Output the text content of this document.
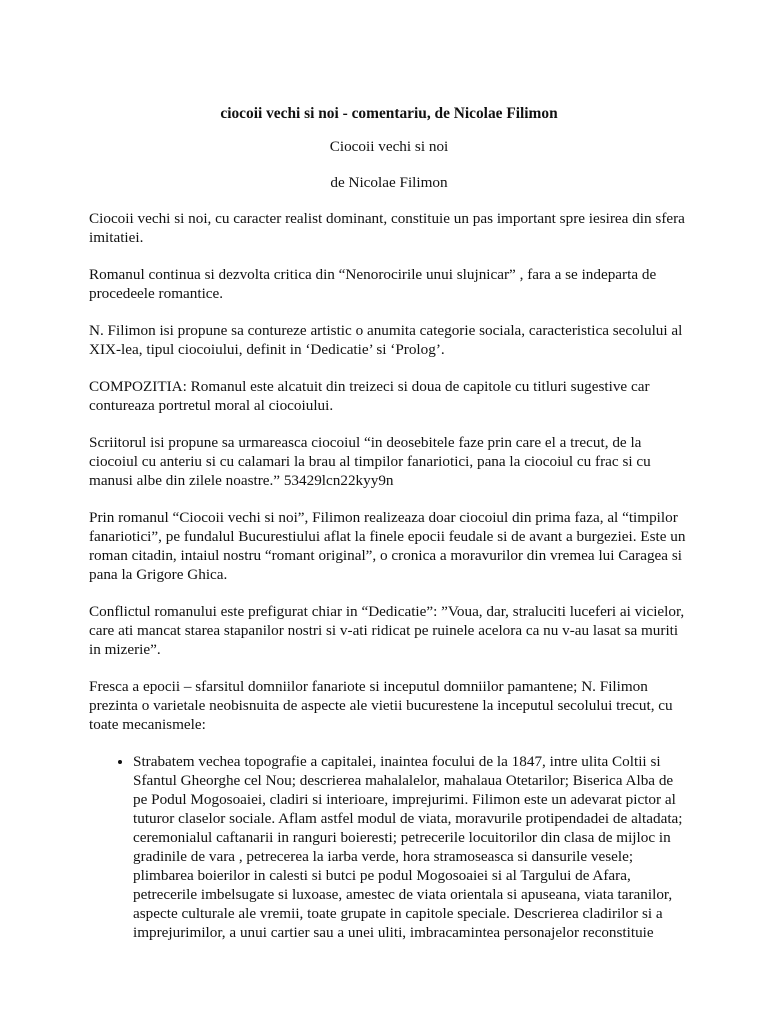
ciocoii vechi si noi - comentariu, de Nicolae Filimon
Ciocoii vechi si noi
de Nicolae Filimon

Ciocoii vechi si noi, cu caracter realist dominant, constituie un pas important spre iesirea din sfera imitatiei.

Romanul continua si dezvolta critica din “Nenorocirile unui slujnicar” , fara a se indeparta de procedeele romantice.

N. Filimon isi propune sa contureze artistic o anumita categorie sociala, caracteristica secolului al XIX-lea, tipul ciocoiului, definit in ‘Dedicatie’ si ‘Prolog’.

COMPOZITIA: Romanul este alcatuit din treizeci si doua de capitole cu titluri sugestive car contureaza portretul moral al ciocoiului.

Scriitorul isi propune sa urmareasca ciocoiul “in deosebitele faze prin care el a trecut, de la ciocoiul cu anteriu si cu calamari la brau al timpilor fanariotici, pana la ciocoiul cu frac si cu manusi albe din zilele noastre.” 53429lcn22kyy9n

Prin romanul “Ciocoii vechi si noi”, Filimon realizeaza doar ciocoiul din prima faza, al “timpilor fanariotici”, pe fundalul Bucurestiului aflat la finele epocii feudale si de avant a burgeziei. Este un roman citadin, intaiul nostru “romant original”, o cronica a moravurilor din vremea lui Caragea si pana la Grigore Ghica.

Conflictul romanului este prefigurat chiar in “Dedicatie”: ”Voua, dar, straluciti luceferi ai vicielor, care ati mancat starea stapanilor nostri si v-ati ridicat pe ruinele acelora ca nu v-au lasat sa muriti in mizerie”.

Fresca a epocii – sfarsitul domniilor fanariote si inceputul domniilor pamantene; N. Filimon prezinta o varietale neobisnuita de aspecte ale vietii bucurestene la inceputul secolului trecut, cu toate mecanismele:

• Strabatem vechea topografie a capitalei, inaintea focului de la 1847, intre ulita Coltii si Sfantul Gheorghe cel Nou; descrierea mahalalelor, mahalaua Otetarilor; Biserica Alba de pe Podul Mogosoaiei, cladiri si interioare, imprejurimi. Filimon este un adevarat pictor al tuturor claselor sociale. Aflam astfel modul de viata, moravurile protipendadei de altadata; ceremonialul caftanarii in ranguri boieresti; petrecerile locuitorilor din clasa de mijloc in gradinile de vara , petrecerea la iarba verde, hora stramoseasca si dansurile vesele; plimbarea boierilor in calesti si butci pe podul Mogosoaiei si al Targului de Afara, petrecerile imbelsugate si luxoase, amestec de viata orientala si apuseana, viata taranilor, aspecte culturale ale vremii, toate grupate in capitole speciale. Descrierea cladirilor si a imprejurimilor, a unui cartier sau a unei uliti, imbracamintea personajelor reconstituie
